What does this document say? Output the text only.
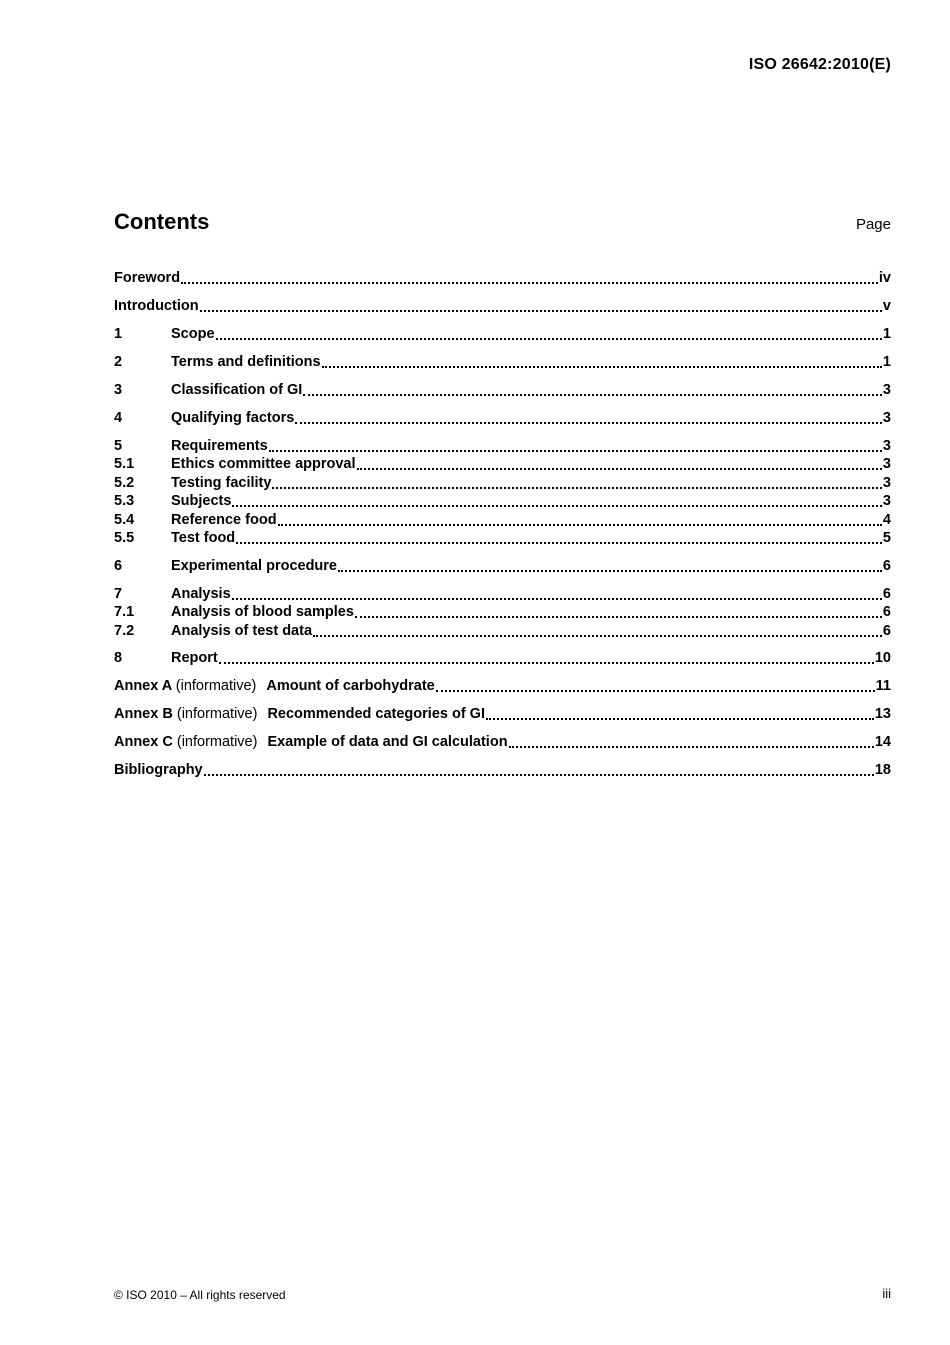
ISO 26642:2010(E)
Contents	Page
Foreword	iv
Introduction	v
1	Scope	1
2	Terms and definitions	1
3	Classification of GI	3
4	Qualifying factors	3
5	Requirements	3
5.1	Ethics committee approval	3
5.2	Testing facility	3
5.3	Subjects	3
5.4	Reference food	4
5.5	Test food	5
6	Experimental procedure	6
7	Analysis	6
7.1	Analysis of blood samples	6
7.2	Analysis of test data	6
8	Report	10
Annex A (informative) Amount of carbohydrate	11
Annex B (informative) Recommended categories of GI	13
Annex C (informative) Example of data and GI calculation	14
Bibliography	18
© ISO 2010 – All rights reserved	iii
